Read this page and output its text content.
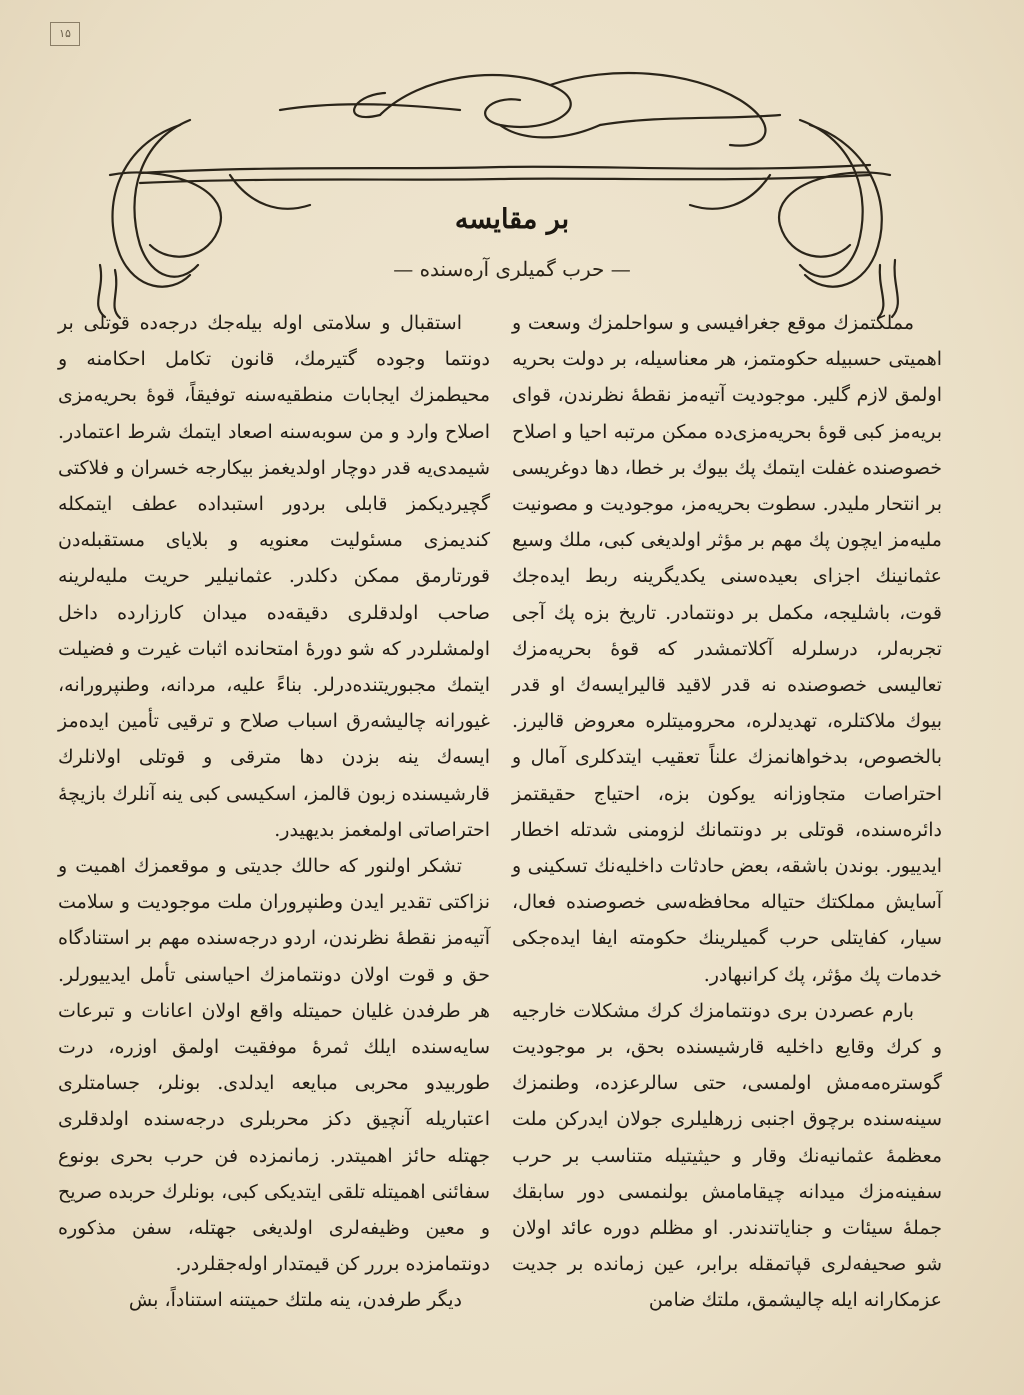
۱۵
بر مقایسه
— حرب گمیلری آره‌سنده —

مملکتمزك موقع جغرافیسی و سواحلمزك وسعت و اهمیتی حسبیله حکومتمز، هر معناسیله، بر دولت بحریه اولمق لازم گلیر. موجودیت آتیه‌مز نقطهٔ نظرندن، قوای بریه‌مز کبی قوهٔ بحریه‌مزی‌ده ممکن مرتبه احیا و اصلاح خصوصنده غفلت ایتمك پك بیوك بر خطا، دها دوغریسی بر انتحار ملیدر. سطوت بحریه‌مز، موجودیت و مصونیت ملیه‌مز ایچون پك مهم بر مؤثر اولدیغی کبی، ملك وسیع عثمانینك اجزای بعیده‌سنی یکدیگرینه ربط ایده‌جك قوت، باشلیجه، مکمل بر دونتمادر. تاریخ بزه پك آجی تجربه‌لر، درسلرله آکلاتمشدر که قوهٔ بحریه‌مزك تعالیسی خصوصنده نه قدر لاقید قالیرایسه‌ك او قدر بیوك ملاکتلره، تهدیدلره، محرومیتلره معروض قالیرز. بالخصوص، بدخواهانمزك علناً تعقیب ایتدکلری آمال و احتراصات متجاوزانه یوکون بزه، احتیاج حقیقتمز دائره‌سنده، قوتلی بر دونتمانك لزومنی شدتله اخطار ایدییور. بوندن باشقه، بعض حادثات داخلیه‌نك تسکینی و آسایش مملکتك حتیاله محافظه‌سی خصوصنده فعال، سیار، کفایتلی حرب گمیلرینك حکومته ایفا ایده‌جکی خدمات پك مؤثر، پك کرانبهادر.

بارم عصردن بری دونتمامزك کرك مشکلات خارجیه و کرك وقایع داخلیه قارشیسنده بحق، بر موجودیت گوستره‌مه‌مش اولمسی، حتی سالرعزده، وطنمزك سینه‌سنده برچوق اجنبی زرهلیلری جولان ایدرکن ملت معظمهٔ عثمانیه‌نك وقار و حیثیتیله متناسب بر حرب سفینه‌مزك میدانه چیقامامش بولنمسی دور سابقك جملهٔ سیئات و جنایاتندندر. او مظلم دوره عائد اولان شو صحیفه‌لری قپاتمقله برابر، عین زمانده بر جدیت عزمکارانه ایله چالیشمق، ملتك ضامن

استقبال و سلامتی اوله بیله‌جك درجه‌ده قوتلی بر دونتما وجوده گتیرمك، قانون تکامل احکامنه و محیطمزك ایجابات منطقیه‌سنه توفیقاً، قوهٔ بحریه‌مزی اصلاح وارد و من سوبه‌سنه اصعاد ایتمك شرط اعتمادر. شیمدی‌یه قدر دوچار اولدیغمز بیکارجه خسران و فلاکتی گچیردیکمز قابلی بردور استبداده عطف ایتمکله کندیمزی مسئولیت معنویه و بلایای مستقبله‌دن قورتارمق ممکن دکلدر. عثمانیلیر حریت ملیه‌لرینه صاحب اولدقلری دقیقه‌ده میدان کارزارده داخل اولمشلردر که شو دورهٔ امتحانده اثبات غیرت و فضیلت ایتمك مجبوریتنده‌درلر. بناءً علیه، مردانه، وطنپرورانه، غیورانه چالیشه‌رق اسباب صلاح و ترقیی تأمین ایده‌مز ایسه‌ك ینه بزدن دها مترقی و قوتلی اولانلرك قارشیسنده زبون قالمز، اسکیسی کبی ینه آنلرك بازیچهٔ احتراصاتی اولمغمز بدیهیدر.

تشکر اولنور که حالك جدیتی و موقعمزك اهمیت و نزاکتی تقدیر ایدن وطنپروران ملت موجودیت و سلامت آتیه‌مز نقطهٔ نظرندن، اردو درجه‌سنده مهم بر استنادگاه حق و قوت اولان دونتمامزك احیاسنی تأمل ایدییورلر. هر طرفدن غلیان حمیتله واقع اولان اعانات و تبرعات سایه‌سنده ایلك ثمرهٔ موفقیت اولمق اوزره، درت طوربیدو محربی مبایعه ایدلدی. بونلر، جسامتلری اعتباریله آنچیق دکز محربلری درجه‌سنده اولدقلری جهتله حائز اهمیتدر. زمانمزده فن حرب بحری بونوع سفائنی اهمیتله تلقی ایتدیکی کبی، بونلرك حربده صریح و معین وظیفه‌لری اولدیغی جهتله، سفن مذکوره دونتمامزده بررر کن قیمتدار اوله‌جقلردر.

دیگر طرفدن، ینه ملتك حمیتنه استناداً، بش
